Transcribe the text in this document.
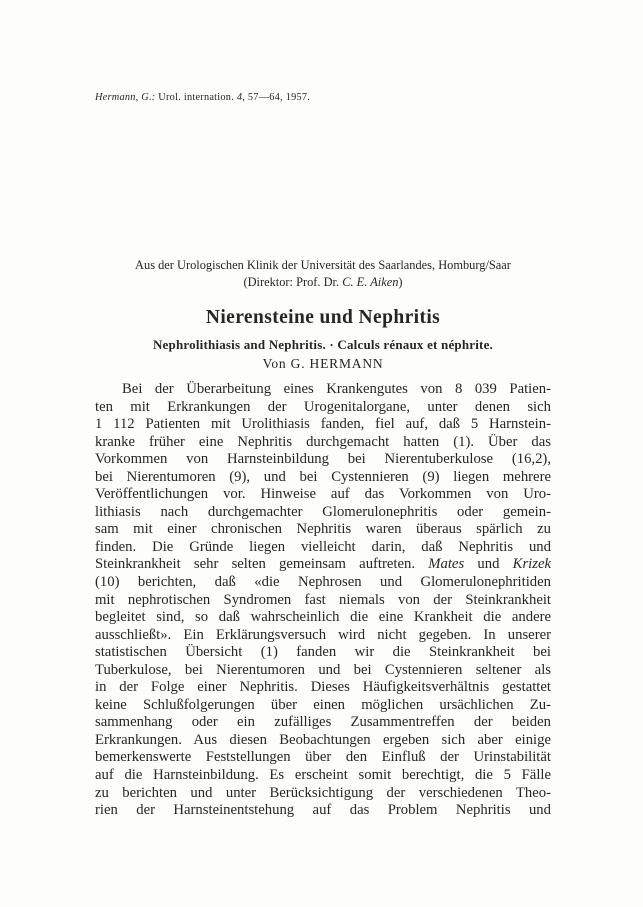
Hermann, G.: Urol. internation. 4, 57—64, 1957.
Aus der Urologischen Klinik der Universität des Saarlandes, Homburg/Saar
(Direktor: Prof. Dr. C. E. Aiken)
Nierensteine und Nephritis
Nephrolithiasis and Nephritis. · Calculs rénaux et néphrite.
Von G. HERMANN
Bei der Überarbeitung eines Krankengutes von 8 039 Patien-
ten mit Erkrankungen der Urogenitalorgane, unter denen sich
1 112 Patienten mit Urolithiasis fanden, fiel auf, daß 5 Harnstein-
kranke früher eine Nephritis durchgemacht hatten (1). Über das
Vorkommen von Harnsteinbildung bei Nierentuberkulose (16,2),
bei Nierentumoren (9), und bei Cystennieren (9) liegen mehrere
Veröffentlichungen vor. Hinweise auf das Vorkommen von Uro-
lithiasis nach durchgemachter Glomerulonephritis oder gemein-
sam mit einer chronischen Nephritis waren überaus spärlich zu
finden. Die Gründe liegen vielleicht darin, daß Nephritis und
Steinkrankheit sehr selten gemeinsam auftreten. Mates und Krizek
(10) berichten, daß «die Nephrosen und Glomerulonephritiden
mit nephrotischen Syndromen fast niemals von der Steinkrankheit
begleitet sind, so daß wahrscheinlich die eine Krankheit die andere
ausschließt». Ein Erklärungsversuch wird nicht gegeben. In unserer
statistischen Übersicht (1) fanden wir die Steinkrankheit bei
Tuberkulose, bei Nierentumoren und bei Cystennieren seltener als
in der Folge einer Nephritis. Dieses Häufigkeitsverhältnis gestattet
keine Schlußfolgerungen über einen möglichen ursächlichen Zu-
sammenhang oder ein zufälliges Zusammentreffen der beiden
Erkrankungen. Aus diesen Beobachtungen ergeben sich aber einige
bemerkenswerte Feststellungen über den Einfluß der Urinstabilität
auf die Harnsteinbildung. Es erscheint somit berechtigt, die 5 Fälle
zu berichten und unter Berücksichtigung der verschiedenen Theo-
rien der Harnsteinentstehung auf das Problem Nephritis und
